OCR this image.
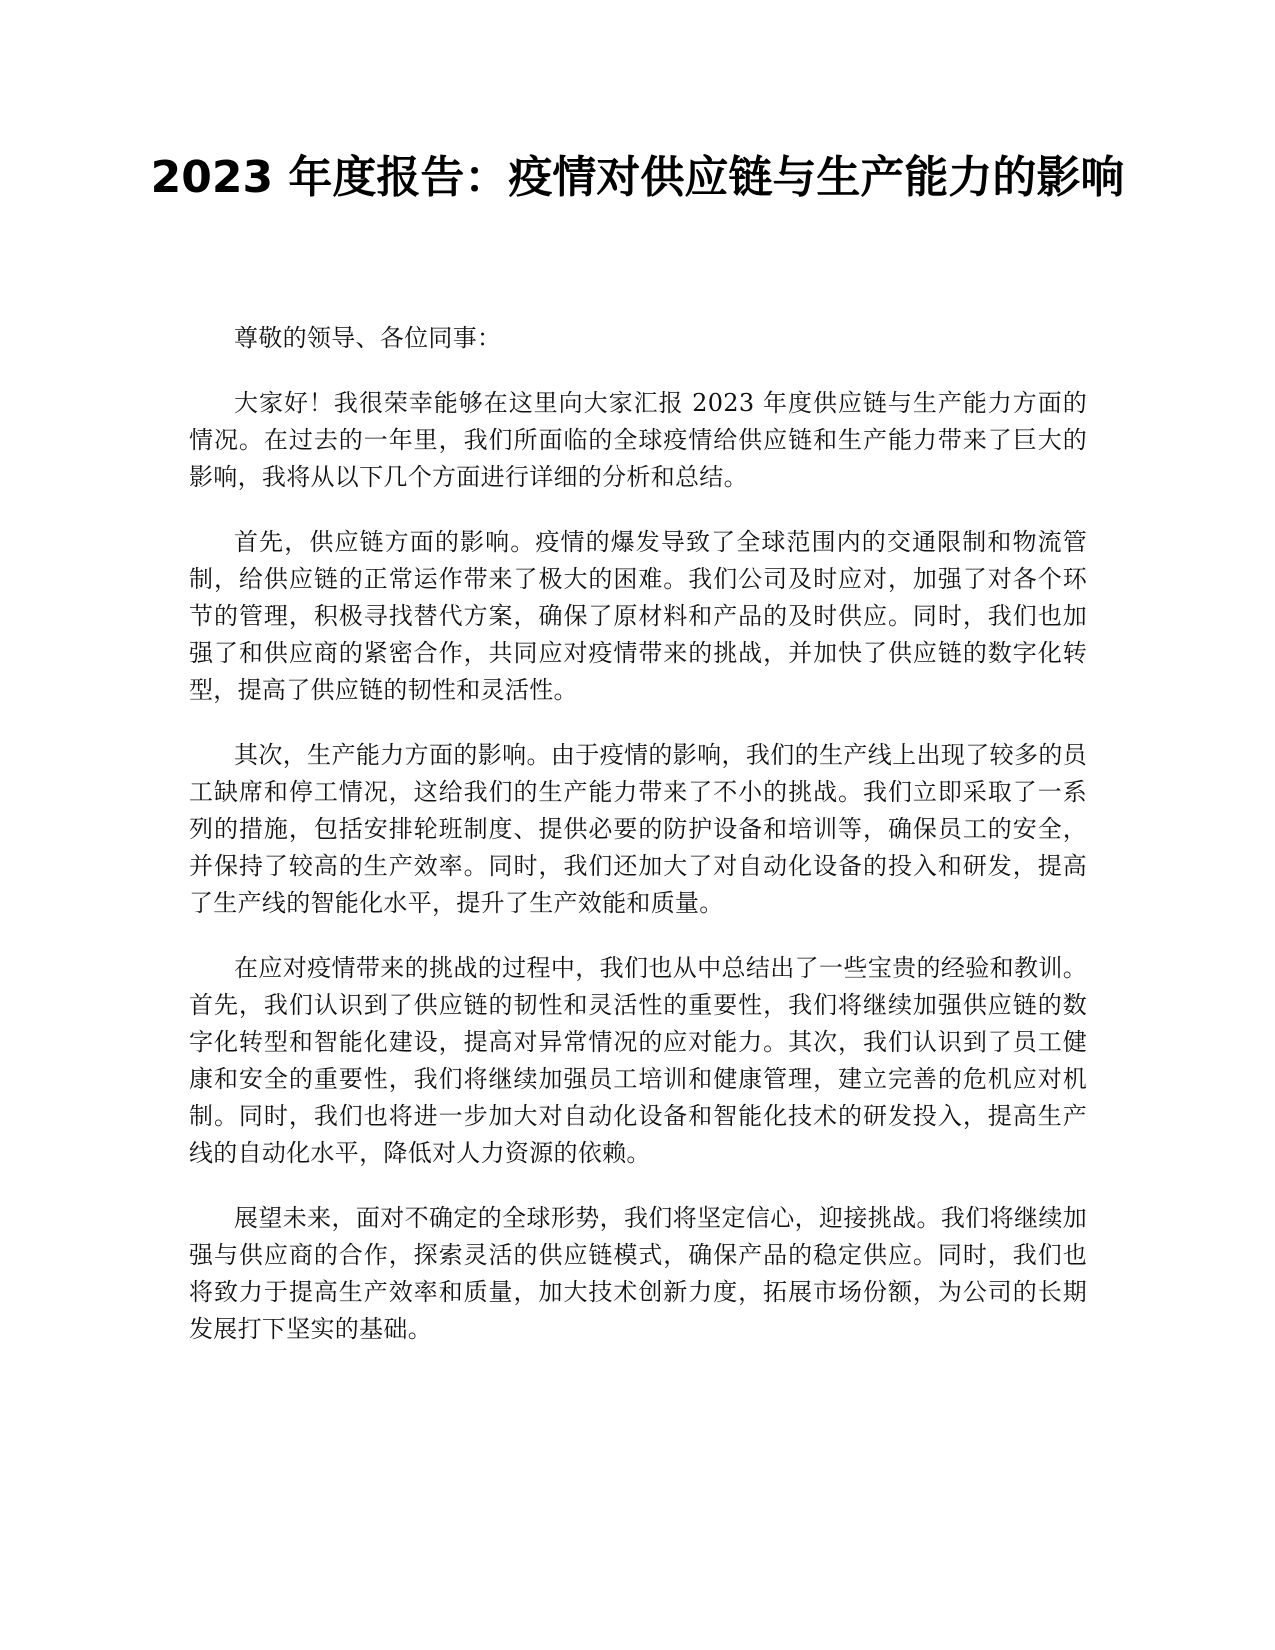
2023 年度报告：疫情对供应链与生产能力的影响

尊敬的领导、各位同事：

大家好！我很荣幸能够在这里向大家汇报 2023 年度供应链与生产能力方面的情况。在过去的一年里，我们所面临的全球疫情给供应链和生产能力带来了巨大的影响，我将从以下几个方面进行详细的分析和总结。

首先，供应链方面的影响。疫情的爆发导致了全球范围内的交通限制和物流管制，给供应链的正常运作带来了极大的困难。我们公司及时应对，加强了对各个环节的管理，积极寻找替代方案，确保了原材料和产品的及时供应。同时，我们也加强了和供应商的紧密合作，共同应对疫情带来的挑战，并加快了供应链的数字化转型，提高了供应链的韧性和灵活性。

其次，生产能力方面的影响。由于疫情的影响，我们的生产线上出现了较多的员工缺席和停工情况，这给我们的生产能力带来了不小的挑战。我们立即采取了一系列的措施，包括安排轮班制度、提供必要的防护设备和培训等，确保员工的安全，并保持了较高的生产效率。同时，我们还加大了对自动化设备的投入和研发，提高了生产线的智能化水平，提升了生产效能和质量。

在应对疫情带来的挑战的过程中，我们也从中总结出了一些宝贵的经验和教训。首先，我们认识到了供应链的韧性和灵活性的重要性，我们将继续加强供应链的数字化转型和智能化建设，提高对异常情况的应对能力。其次，我们认识到了员工健康和安全的重要性，我们将继续加强员工培训和健康管理，建立完善的危机应对机制。同时，我们也将进一步加大对自动化设备和智能化技术的研发投入，提高生产线的自动化水平，降低对人力资源的依赖。

展望未来，面对不确定的全球形势，我们将坚定信心，迎接挑战。我们将继续加强与供应商的合作，探索灵活的供应链模式，确保产品的稳定供应。同时，我们也将致力于提高生产效率和质量，加大技术创新力度，拓展市场份额，为公司的长期发展打下坚实的基础。
